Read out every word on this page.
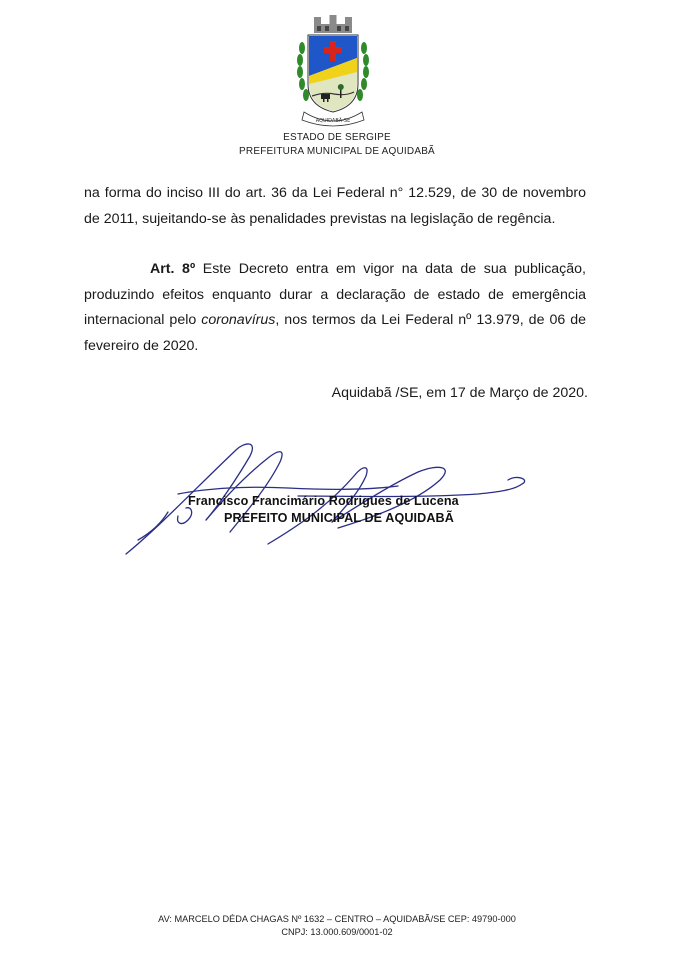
AQUIDABÃ-SE
ESTADO DE SERGIPE
PREFEITURA MUNICIPAL DE AQUIDABÃ
na forma do inciso III do art. 36 da Lei Federal n° 12.529, de 30 de novembro de 2011, sujeitando-se às penalidades previstas na legislação de regência.
Art. 8º Este Decreto entra em vigor na data de sua publicação, produzindo efeitos enquanto durar a declaração de estado de emergência internacional pelo coronavírus, nos termos da Lei Federal nº 13.979, de 06 de fevereiro de 2020.
Aquidabã /SE, em 17 de Março de 2020.
Francisco Francimário Rodrigues de Lucena
PREFEITO MUNICIPAL DE AQUIDABÃ
AV: MARCELO DÉDA CHAGAS Nº 1632 – CENTRO – AQUIDABÃ/SE CEP: 49790-000
CNPJ: 13.000.609/0001-02
